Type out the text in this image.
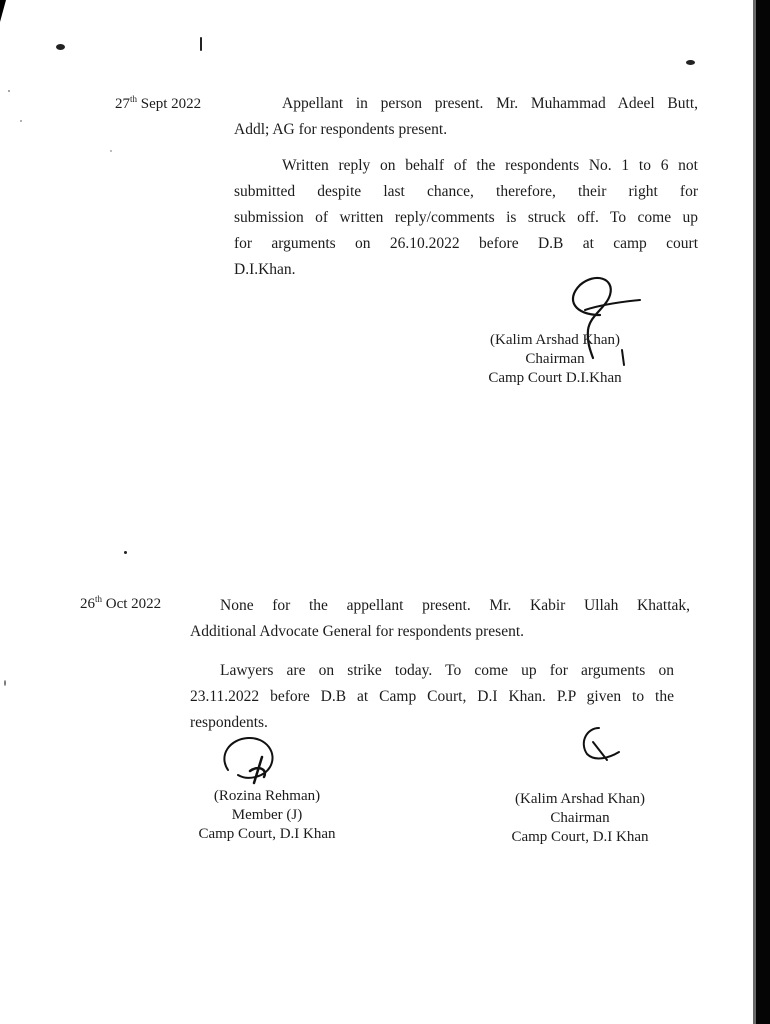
27th Sept 2022	Appellant in person present. Mr. Muhammad Adeel Butt,
Addl; AG for respondents present.
Written reply on behalf of the respondents No. 1 to 6 not
submitted despite last chance, therefore, their right for
submission of written reply/comments is struck off. To come up
for arguments on 26.10.2022 before D.B at camp court
D.I.Khan.
(Kalim Arshad Khan)
Chairman
Camp Court D.I.Khan
26th Oct 2022	None for the appellant present. Mr. Kabir Ullah Khattak,
Additional Advocate General for respondents present.
Lawyers are on strike today. To come up for arguments on
23.11.2022 before D.B at Camp Court, D.I Khan. P.P given to the
respondents.
(Rozina Rehman)
Member (J)
Camp Court, D.I Khan
(Kalim Arshad Khan)
Chairman
Camp Court, D.I Khan
